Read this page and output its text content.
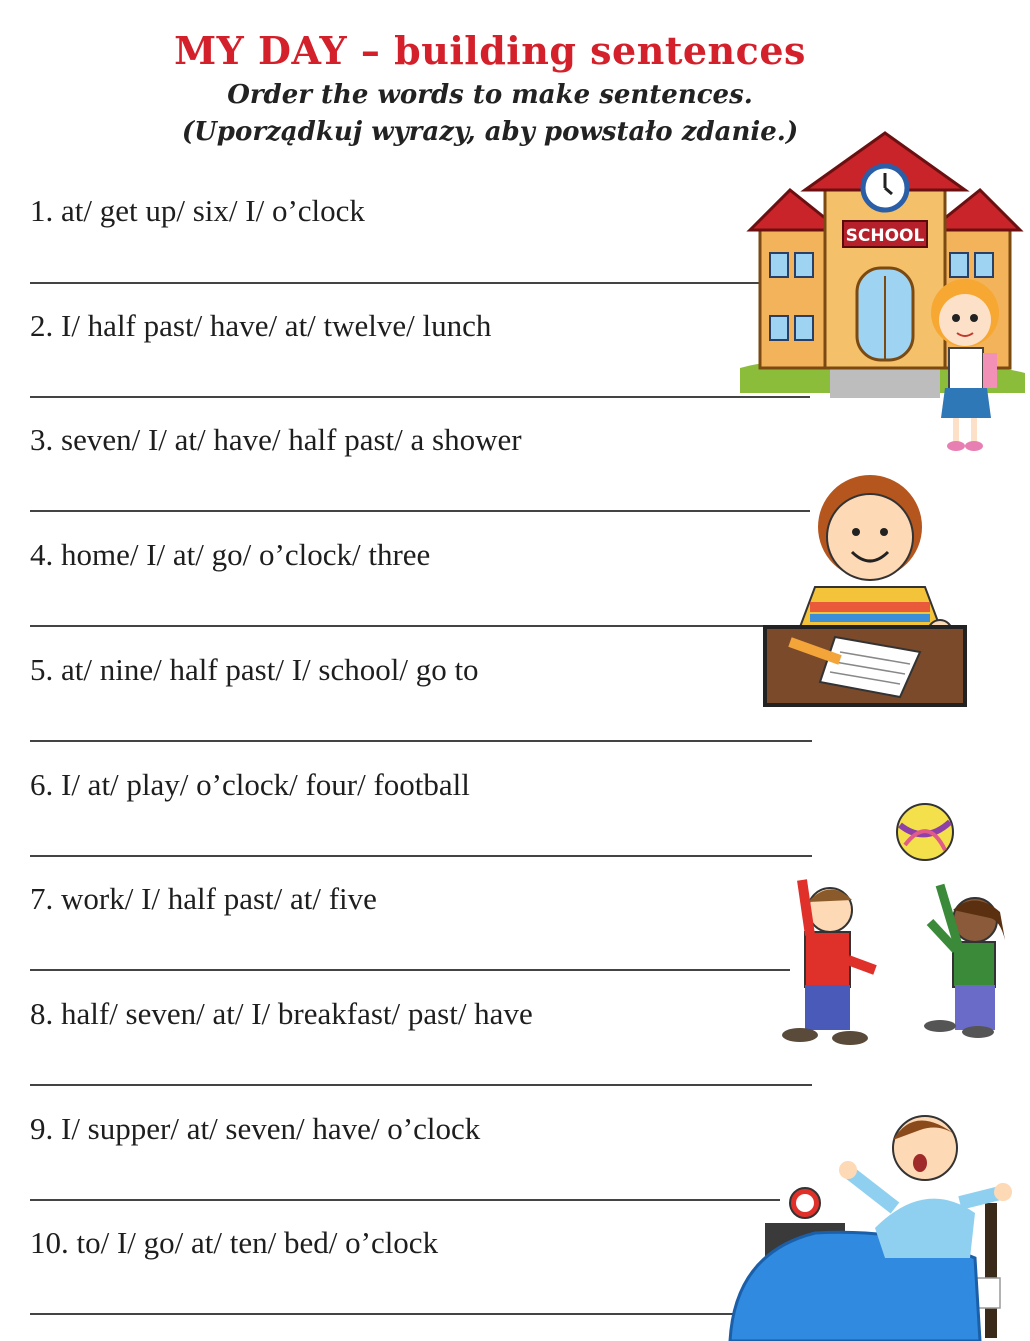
MY DAY – building sentences
Order the words to make sentences.
(Uporządkuj wyrazy, aby powstało zdanie.)
1. at/ get up/ six/ I/ o’clock
2. I/ half past/ have/ at/ twelve/ lunch
3. seven/ I/ at/ have/ half past/ a shower
4. home/ I/ at/ go/ o’clock/ three
5. at/ nine/ half past/ I/ school/ go to
6. I/ at/ play/ o’clock/ four/ football
7. work/ I/ half past/ at/ five
8. half/ seven/ at/ I/ breakfast/ past/ have
9. I/ supper/ at/ seven/ have/ o’clock
10. to/ I/ go/ at/ ten/ bed/ o’clock
SCHOOL
